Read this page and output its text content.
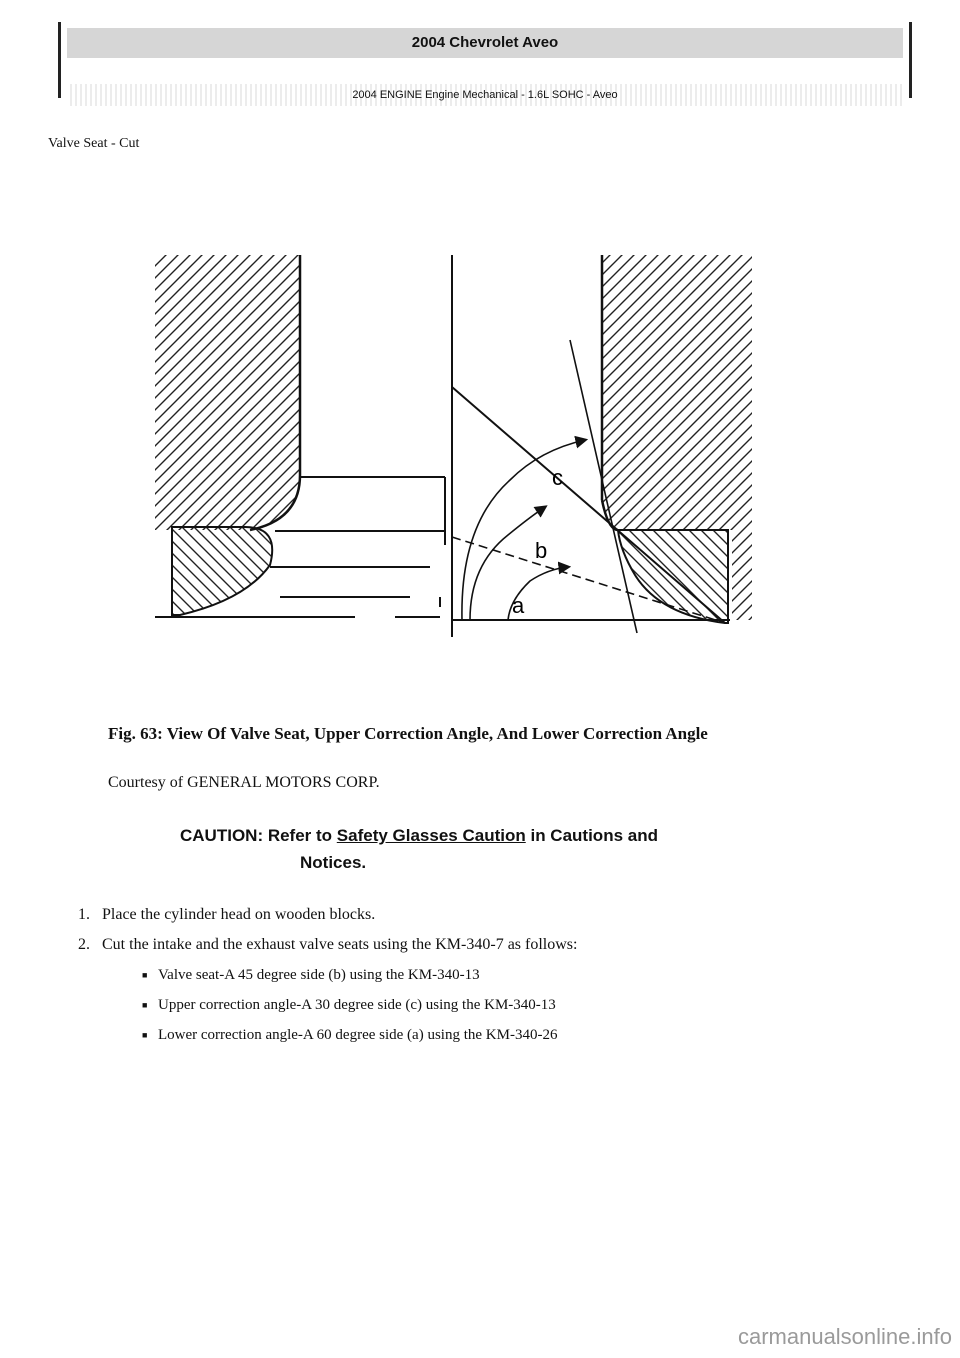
2004 Chevrolet Aveo
2004 ENGINE Engine Mechanical - 1.6L SOHC - Aveo
Valve Seat - Cut
a
b
c
Fig. 63: View Of Valve Seat, Upper Correction Angle, And Lower Correction Angle
Courtesy of GENERAL MOTORS CORP.
CAUTION: Refer to Safety Glasses Caution in Cautions and
Notices.
1. Place the cylinder head on wooden blocks.
2. Cut the intake and the exhaust valve seats using the KM-340-7 as follows:
■ Valve seat-A 45 degree side (b) using the KM-340-13
■ Upper correction angle-A 30 degree side (c) using the KM-340-13
■ Lower correction angle-A 60 degree side (a) using the KM-340-26
carmanualsonline.info
